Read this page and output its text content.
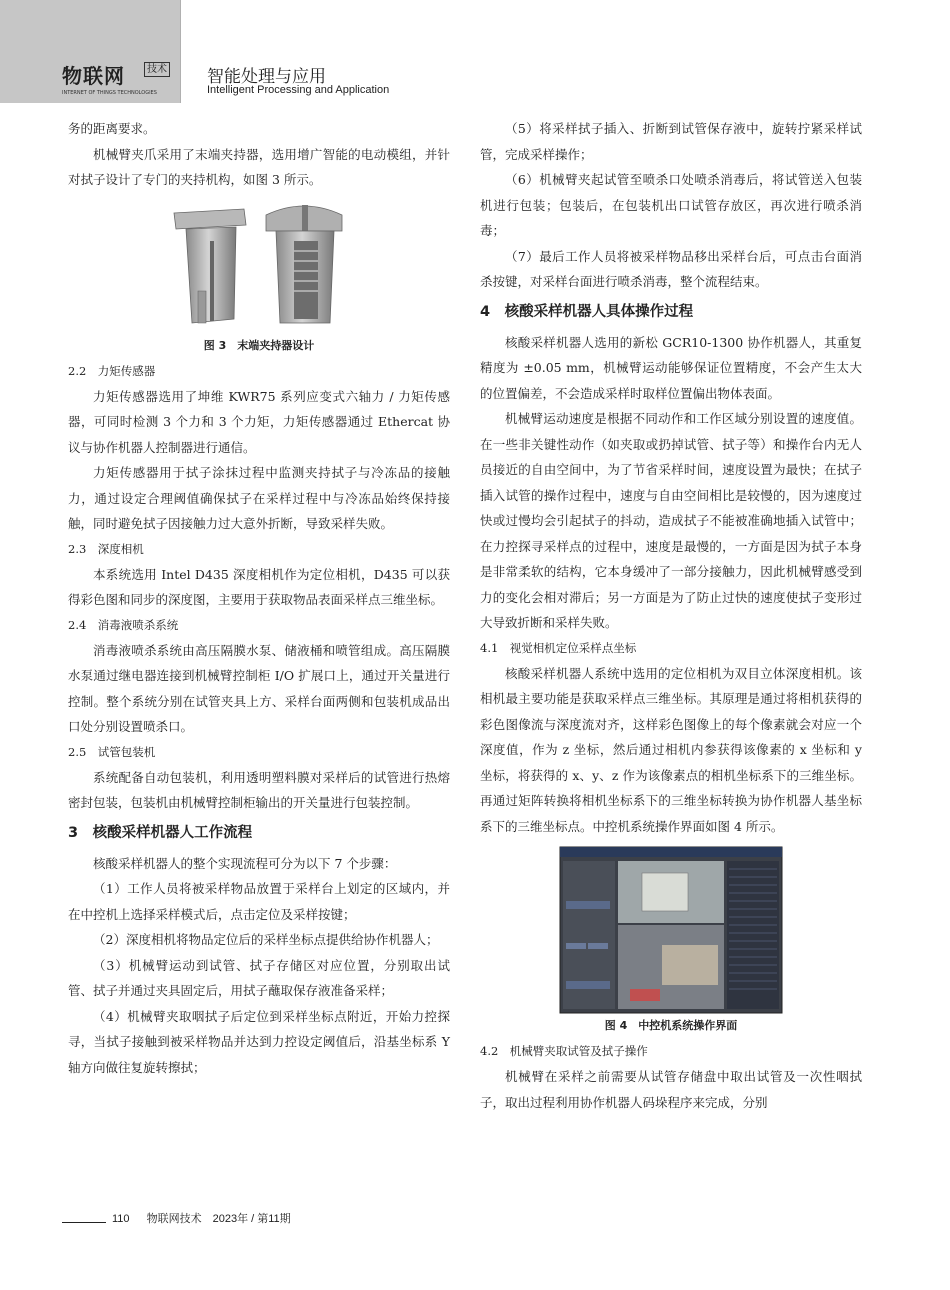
物联网
INTERNET OF THINGS TECHNOLOGIES
技术 智能处理与应用
Intelligent Processing and Application

务的距离要求。

机械臂夹爪采用了末端夹持器，选用增广智能的电动模组，并针对拭子设计了专门的夹持机构，如图 3 所示。

图 3　末端夹持器设计
2.2　力矩传感器

力矩传感器选用了坤维 KWR75 系列应变式六轴力 / 力矩传感器，可同时检测 3 个力和 3 个力矩，力矩传感器通过 Ethercat 协议与协作机器人控制器进行通信。

力矩传感器用于拭子涂抹过程中监测夹持拭子与冷冻品的接触力，通过设定合理阈值确保拭子在采样过程中与冷冻品始终保持接触，同时避免拭子因接触力过大意外折断，导致采样失败。

2.3　深度相机

本系统选用 Intel D435 深度相机作为定位相机，D435 可以获得彩色图和同步的深度图，主要用于获取物品表面采样点三维坐标。

2.4　消毒液喷杀系统

消毒液喷杀系统由高压隔膜水泵、储液桶和喷管组成。高压隔膜水泵通过继电器连接到机械臂控制柜 I/O 扩展口上，通过开关量进行控制。整个系统分别在试管夹具上方、采样台面两侧和包装机成品出口处分别设置喷杀口。

2.5　试管包装机

系统配备自动包装机，利用透明塑料膜对采样后的试管进行热熔密封包装，包装机由机械臂控制柜输出的开关量进行包装控制。

3　核酸采样机器人工作流程

核酸采样机器人的整个实现流程可分为以下 7 个步骤：

（1）工作人员将被采样物品放置于采样台上划定的区域内，并在中控机上选择采样模式后，点击定位及采样按键；

（2）深度相机将物品定位后的采样坐标点提供给协作机器人；

（3）机械臂运动到试管、拭子存储区对应位置，分别取出试管、拭子并通过夹具固定后，用拭子蘸取保存液准备采样；

（4）机械臂夹取咽拭子后定位到采样坐标点附近，开始力控探寻，当拭子接触到被采样物品并达到力控设定阈值后，沿基坐标系 Y 轴方向做往复旋转擦拭；

（5）将采样拭子插入、折断到试管保存液中，旋转拧紧采样试管，完成采样操作；

（6）机械臂夹起试管至喷杀口处喷杀消毒后，将试管送入包装机进行包装；包装后，在包装机出口试管存放区，再次进行喷杀消毒；

（7）最后工作人员将被采样物品移出采样台后，可点击台面消杀按键，对采样台面进行喷杀消毒，整个流程结束。

4　核酸采样机器人具体操作过程

核酸采样机器人选用的新松 GCR10-1300 协作机器人，其重复精度为 ±0.05 mm，机械臂运动能够保证位置精度，不会产生太大的位置偏差，不会造成采样时取样位置偏出物体表面。

机械臂运动速度是根据不同动作和工作区域分别设置的速度值。在一些非关键性动作（如夹取或扔掉试管、拭子等）和操作台内无人员接近的自由空间中，为了节省采样时间，速度设置为最快；在拭子插入试管的操作过程中，速度与自由空间相比是较慢的，因为速度过快或过慢均会引起拭子的抖动，造成拭子不能被准确地插入试管中；在力控探寻采样点的过程中，速度是最慢的，一方面是因为拭子本身是非常柔软的结构，它本身缓冲了一部分接触力，因此机械臂感受到力的变化会相对滞后；另一方面是为了防止过快的速度使拭子变形过大导致折断和采样失败。

4.1　视觉相机定位采样点坐标

核酸采样机器人系统中选用的定位相机为双目立体深度相机。该相机最主要功能是获取采样点三维坐标。其原理是通过将相机获得的彩色图像流与深度流对齐，这样彩色图像上的每个像素就会对应一个深度值，作为 z 坐标，然后通过相机内参获得该像素的 x 坐标和 y 坐标，将获得的 x、y、z 作为该像素点的相机坐标系下的三维坐标。再通过矩阵转换将相机坐标系下的三维坐标转换为协作机器人基坐标系下的三维坐标点。中控机系统操作界面如图 4 所示。

图 4　中控机系统操作界面
4.2　机械臂夹取试管及拭子操作

机械臂在采样之前需要从试管存储盘中取出试管及一次性咽拭子，取出过程利用协作机器人码垛程序来完成，分别

110 物联网技术　2023年 / 第11期
